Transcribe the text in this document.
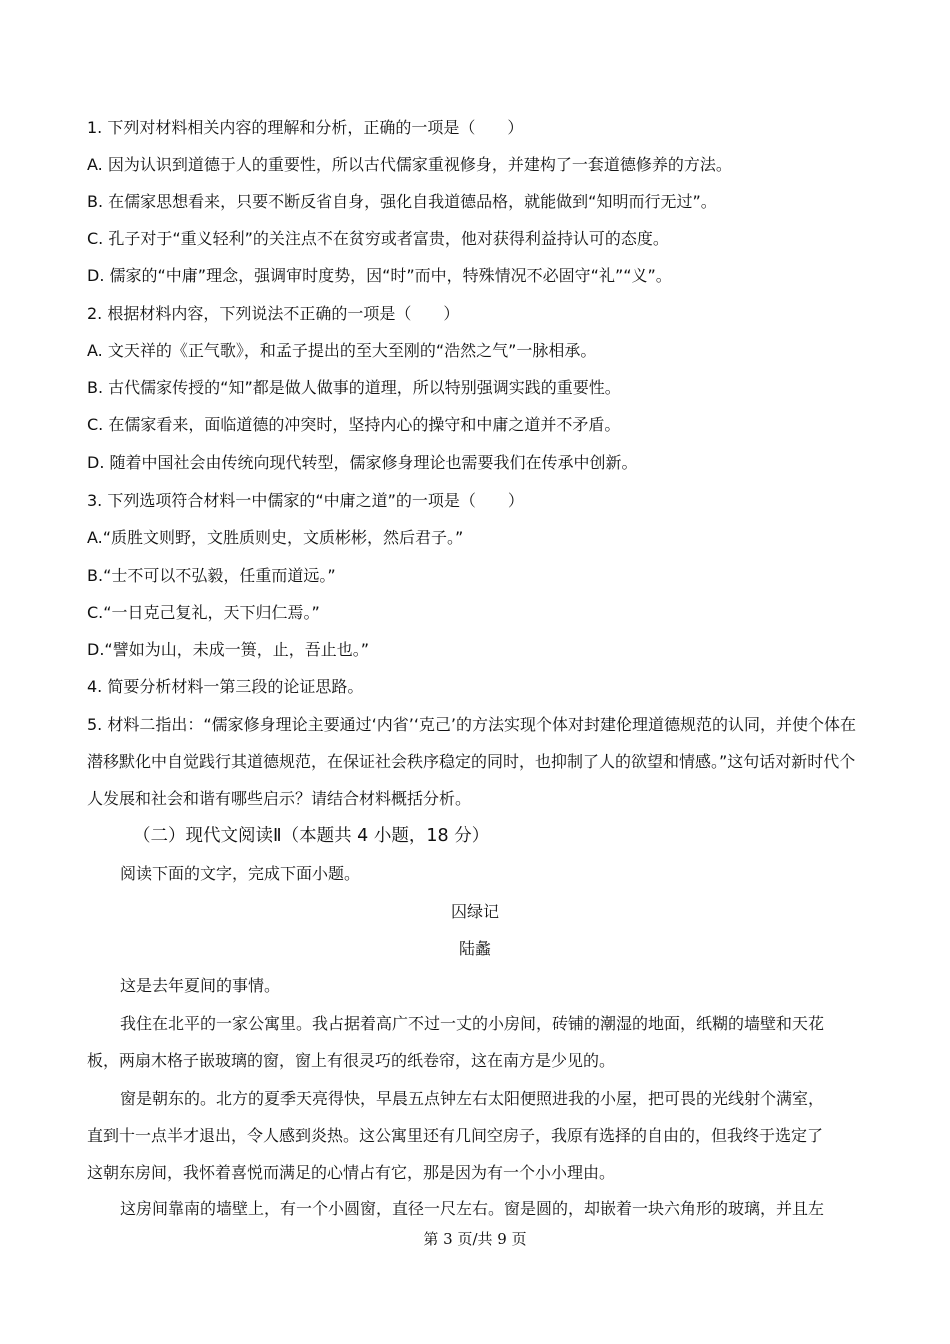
1. 下列对材料相关内容的理解和分析，正确的一项是（　　）
A. 因为认识到道德于人的重要性，所以古代儒家重视修身，并建构了一套道德修养的方法。
B. 在儒家思想看来，只要不断反省自身，强化自我道德品格，就能做到“知明而行无过”。
C. 孔子对于“重义轻利”的关注点不在贫穷或者富贵，他对获得利益持认可的态度。
D. 儒家的“中庸”理念，强调审时度势，因“时”而中，特殊情况不必固守“礼”“义”。
2. 根据材料内容，下列说法不正确的一项是（　　）
A. 文天祥的《正气歌》，和孟子提出的至大至刚的“浩然之气”一脉相承。
B. 古代儒家传授的“知”都是做人做事的道理，所以特别强调实践的重要性。
C. 在儒家看来，面临道德的冲突时，坚持内心的操守和中庸之道并不矛盾。
D. 随着中国社会由传统向现代转型，儒家修身理论也需要我们在传承中创新。
3. 下列选项符合材料一中儒家的“中庸之道”的一项是（　　）
A.“质胜文则野，文胜质则史，文质彬彬，然后君子。”
B.“士不可以不弘毅，任重而道远。”
C.“一日克己复礼，天下归仁焉。”
D.“譬如为山，未成一篑，止，吾止也。”
4. 简要分析材料一第三段的论证思路。
5. 材料二指出：“儒家修身理论主要通过‘内省’‘克己’的方法实现个体对封建伦理道德规范的认同，并使个体在潜移默化中自觉践行其道德规范，在保证社会秩序稳定的同时，也抑制了人的欲望和情感。”这句话对新时代个人发展和社会和谐有哪些启示？请结合材料概括分析。
（二）现代文阅读Ⅱ（本题共 4 小题，18 分）
阅读下面的文字，完成下面小题。
囚绿记
陆蠡
这是去年夏间的事情。
我住在北平的一家公寓里。我占据着高广不过一丈的小房间，砖铺的潮湿的地面，纸糊的墙壁和天花
板，两扇木格子嵌玻璃的窗，窗上有很灵巧的纸卷帘，这在南方是少见的。
窗是朝东的。北方的夏季天亮得快，早晨五点钟左右太阳便照进我的小屋，把可畏的光线射个满室，
直到十一点半才退出，令人感到炎热。这公寓里还有几间空房子，我原有选择的自由的，但我终于选定了
这朝东房间，我怀着喜悦而满足的心情占有它，那是因为有一个小小理由。
这房间靠南的墙壁上，有一个小圆窗，直径一尺左右。窗是圆的，却嵌着一块六角形的玻璃，并且左
第 3 页/共 9 页
